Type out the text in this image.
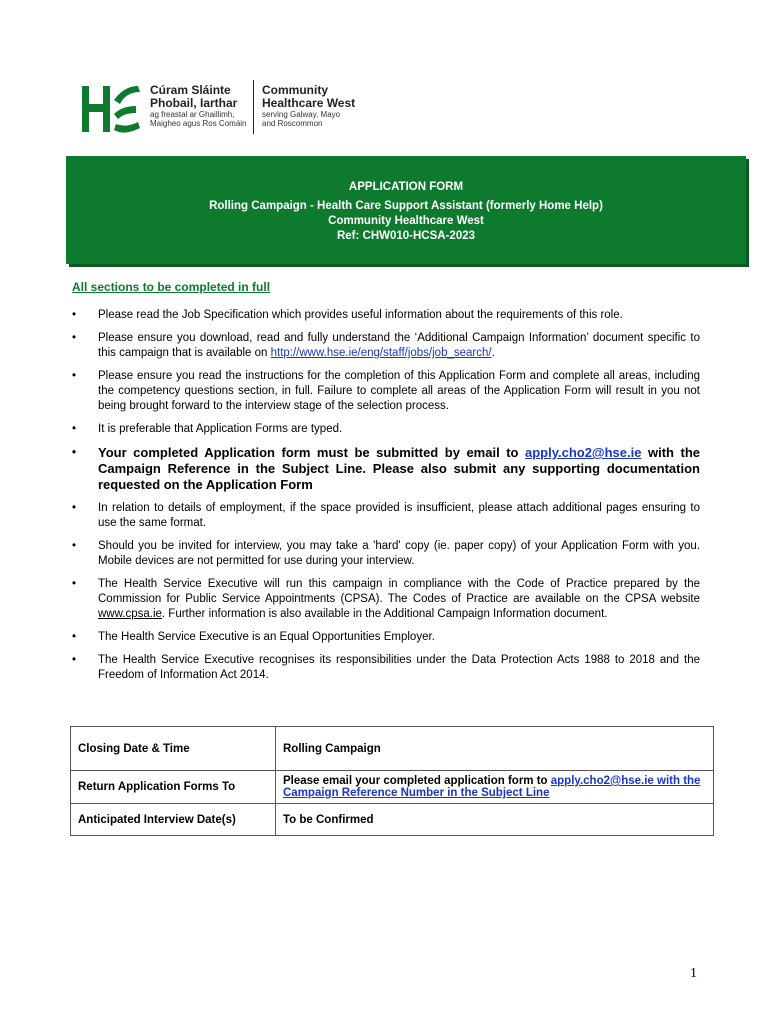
Cúram Sláinte
Phobail, Iarthar
ag freastal ar Ghaillimh,
Maigheo agus Ros Comáin
Community
Healthcare West
serving Galway, Mayo
and Roscommon
APPLICATION FORM
Rolling Campaign - Health Care Support Assistant (formerly Home Help)
Community Healthcare West
Ref: CHW010-HCSA-2023
All sections to be completed in full
• Please read the Job Specification which provides useful information about the requirements of this role.
• Please ensure you download, read and fully understand the ‘Additional Campaign Information’ document specific to this campaign that is available on http://www.hse.ie/eng/staff/jobs/job_search/.
• Please ensure you read the instructions for the completion of this Application Form and complete all areas, including the competency questions section, in full. Failure to complete all areas of the Application Form will result in you not being brought forward to the interview stage of the selection process.
• It is preferable that Application Forms are typed.
• Your completed Application form must be submitted by email to apply.cho2@hse.ie with the Campaign Reference in the Subject Line. Please also submit any supporting documentation requested on the Application Form
• In relation to details of employment, if the space provided is insufficient, please attach additional pages ensuring to use the same format.
• Should you be invited for interview, you may take a 'hard' copy (ie. paper copy) of your Application Form with you. Mobile devices are not permitted for use during your interview.
• The Health Service Executive will run this campaign in compliance with the Code of Practice prepared by the Commission for Public Service Appointments (CPSA). The Codes of Practice are available on the CPSA website www.cpsa.ie. Further information is also available in the Additional Campaign Information document.
• The Health Service Executive is an Equal Opportunities Employer.
• The Health Service Executive recognises its responsibilities under the Data Protection Acts 1988 to 2018 and the Freedom of Information Act 2014.
Closing Date & Time	Rolling Campaign
Return Application Forms To	Please email your completed application form to apply.cho2@hse.ie with the Campaign Reference Number in the Subject Line
Anticipated Interview Date(s)	To be Confirmed
1
